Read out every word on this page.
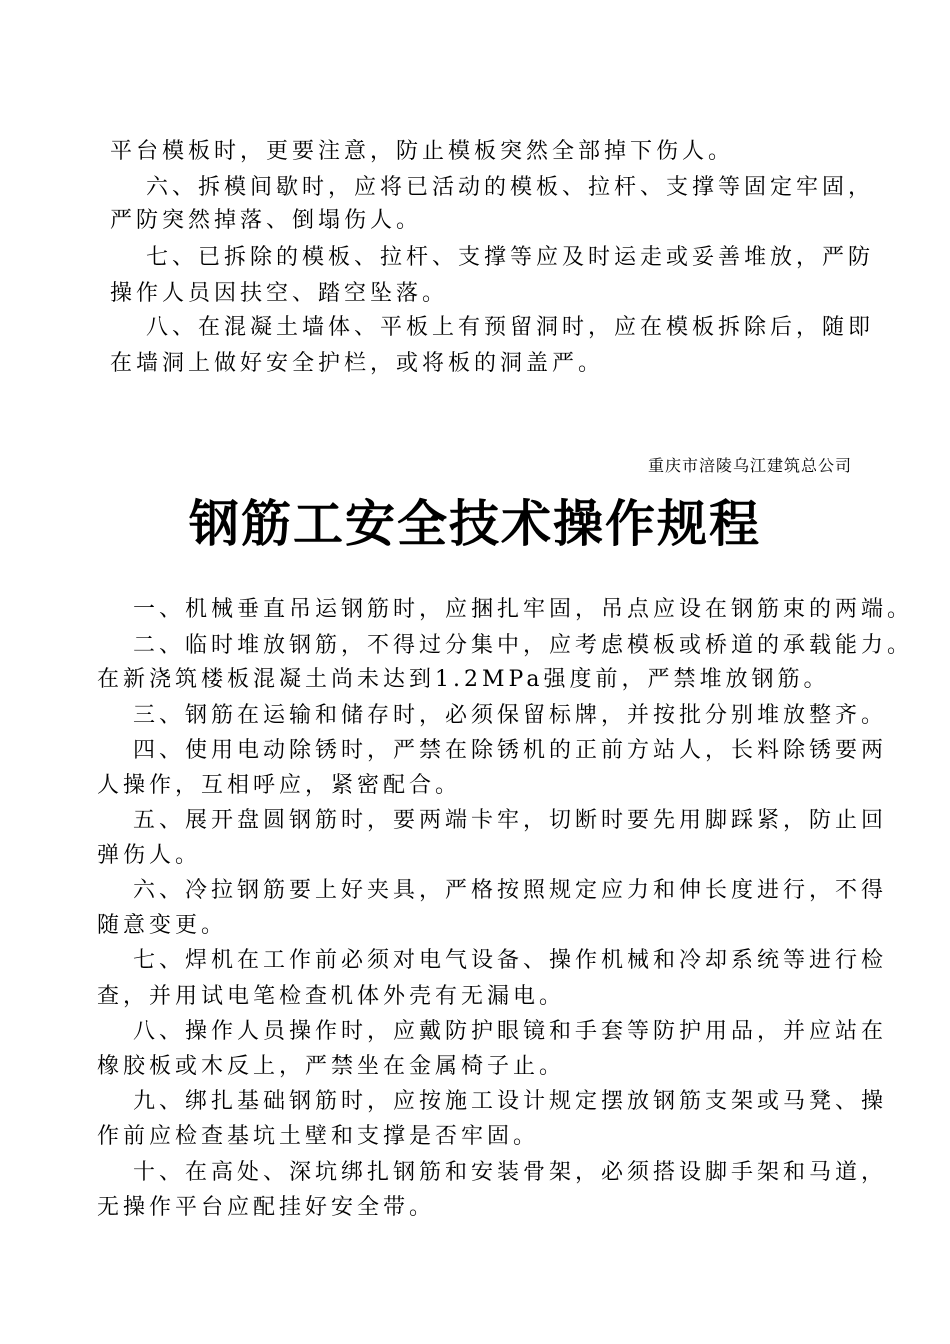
平台模板时，更要注意，防止模板突然全部掉下伤人。
六、拆模间歇时，应将已活动的模板、拉杆、支撑等固定牢固，
严防突然掉落、倒塌伤人。
七、已拆除的模板、拉杆、支撑等应及时运走或妥善堆放，严防
操作人员因扶空、踏空坠落。
八、在混凝土墙体、平板上有预留洞时，应在模板拆除后，随即
在墙洞上做好安全护栏，或将板的洞盖严。
重庆市涪陵乌江建筑总公司
钢筋工安全技术操作规程
一、机械垂直吊运钢筋时，应捆扎牢固，吊点应设在钢筋束的两端。
二、临时堆放钢筋，不得过分集中，应考虑模板或桥道的承载能力。
在新浇筑楼板混凝土尚未达到1.2MPa强度前，严禁堆放钢筋。
三、钢筋在运输和储存时，必须保留标牌，并按批分别堆放整齐。
四、使用电动除锈时，严禁在除锈机的正前方站人，长料除锈要两
人操作，互相呼应，紧密配合。
五、展开盘圆钢筋时，要两端卡牢，切断时要先用脚踩紧，防止回
弹伤人。
六、冷拉钢筋要上好夹具，严格按照规定应力和伸长度进行，不得
随意变更。
七、焊机在工作前必须对电气设备、操作机械和冷却系统等进行检
查，并用试电笔检查机体外壳有无漏电。
八、操作人员操作时，应戴防护眼镜和手套等防护用品，并应站在
橡胶板或木反上，严禁坐在金属椅子止。
九、绑扎基础钢筋时，应按施工设计规定摆放钢筋支架或马凳、操
作前应检查基坑土壁和支撑是否牢固。
十、在高处、深坑绑扎钢筋和安装骨架，必须搭设脚手架和马道，
无操作平台应配挂好安全带。
